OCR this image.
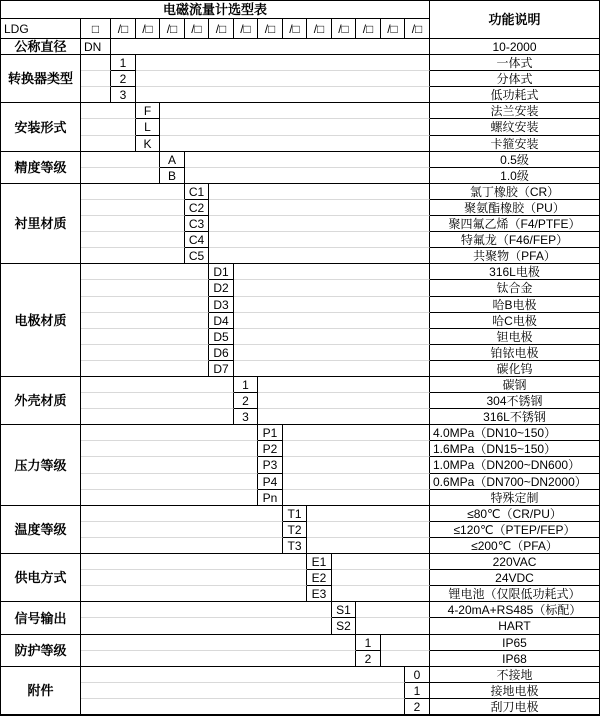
电磁流量计选型表
功能说明
LDG	□	/□	/□	/□	/□	/□	/□	/□	/□	/□	/□	/□	/□	/□
公称直径	DN	10-2000
转换器类型
1	一体式
2	分体式
3	低功耗式
安装形式
F	法兰安装
L	螺纹安装
K	卡箍安装
精度等级
A	0.5级
B	1.0级
衬里材质
C1	氯丁橡胶（CR）
C2	聚氨酯橡胶（PU）
C3	聚四氟乙烯（F4/PTFE）
C4	特氟龙（F46/FEP）
C5	共聚物（PFA）
电极材质
D1	316L电极
D2	钛合金
D3	哈B电极
D4	哈C电极
D5	钽电极
D6	铂铱电极
D7	碳化钨
外壳材质
1	碳钢
2	304不锈钢
3	316L不锈钢
压力等级
P1	4.0MPa（DN10~150）
P2	1.6MPa（DN15~150）
P3	1.0MPa（DN200~DN600）
P4	0.6MPa（DN700~DN2000）
Pn	特殊定制
温度等级
T1	≤80℃（CR/PU）
T2	≤120℃（PTEP/FEP）
T3	≤200℃（PFA）
供电方式
E1	220VAC
E2	24VDC
E3	锂电池（仅限低功耗式）
信号输出
S1	4-20mA+RS485（标配）
S2	HART
防护等级
1	IP65
2	IP68
附件
0	不接地
1	接地电极
2	刮刀电极
